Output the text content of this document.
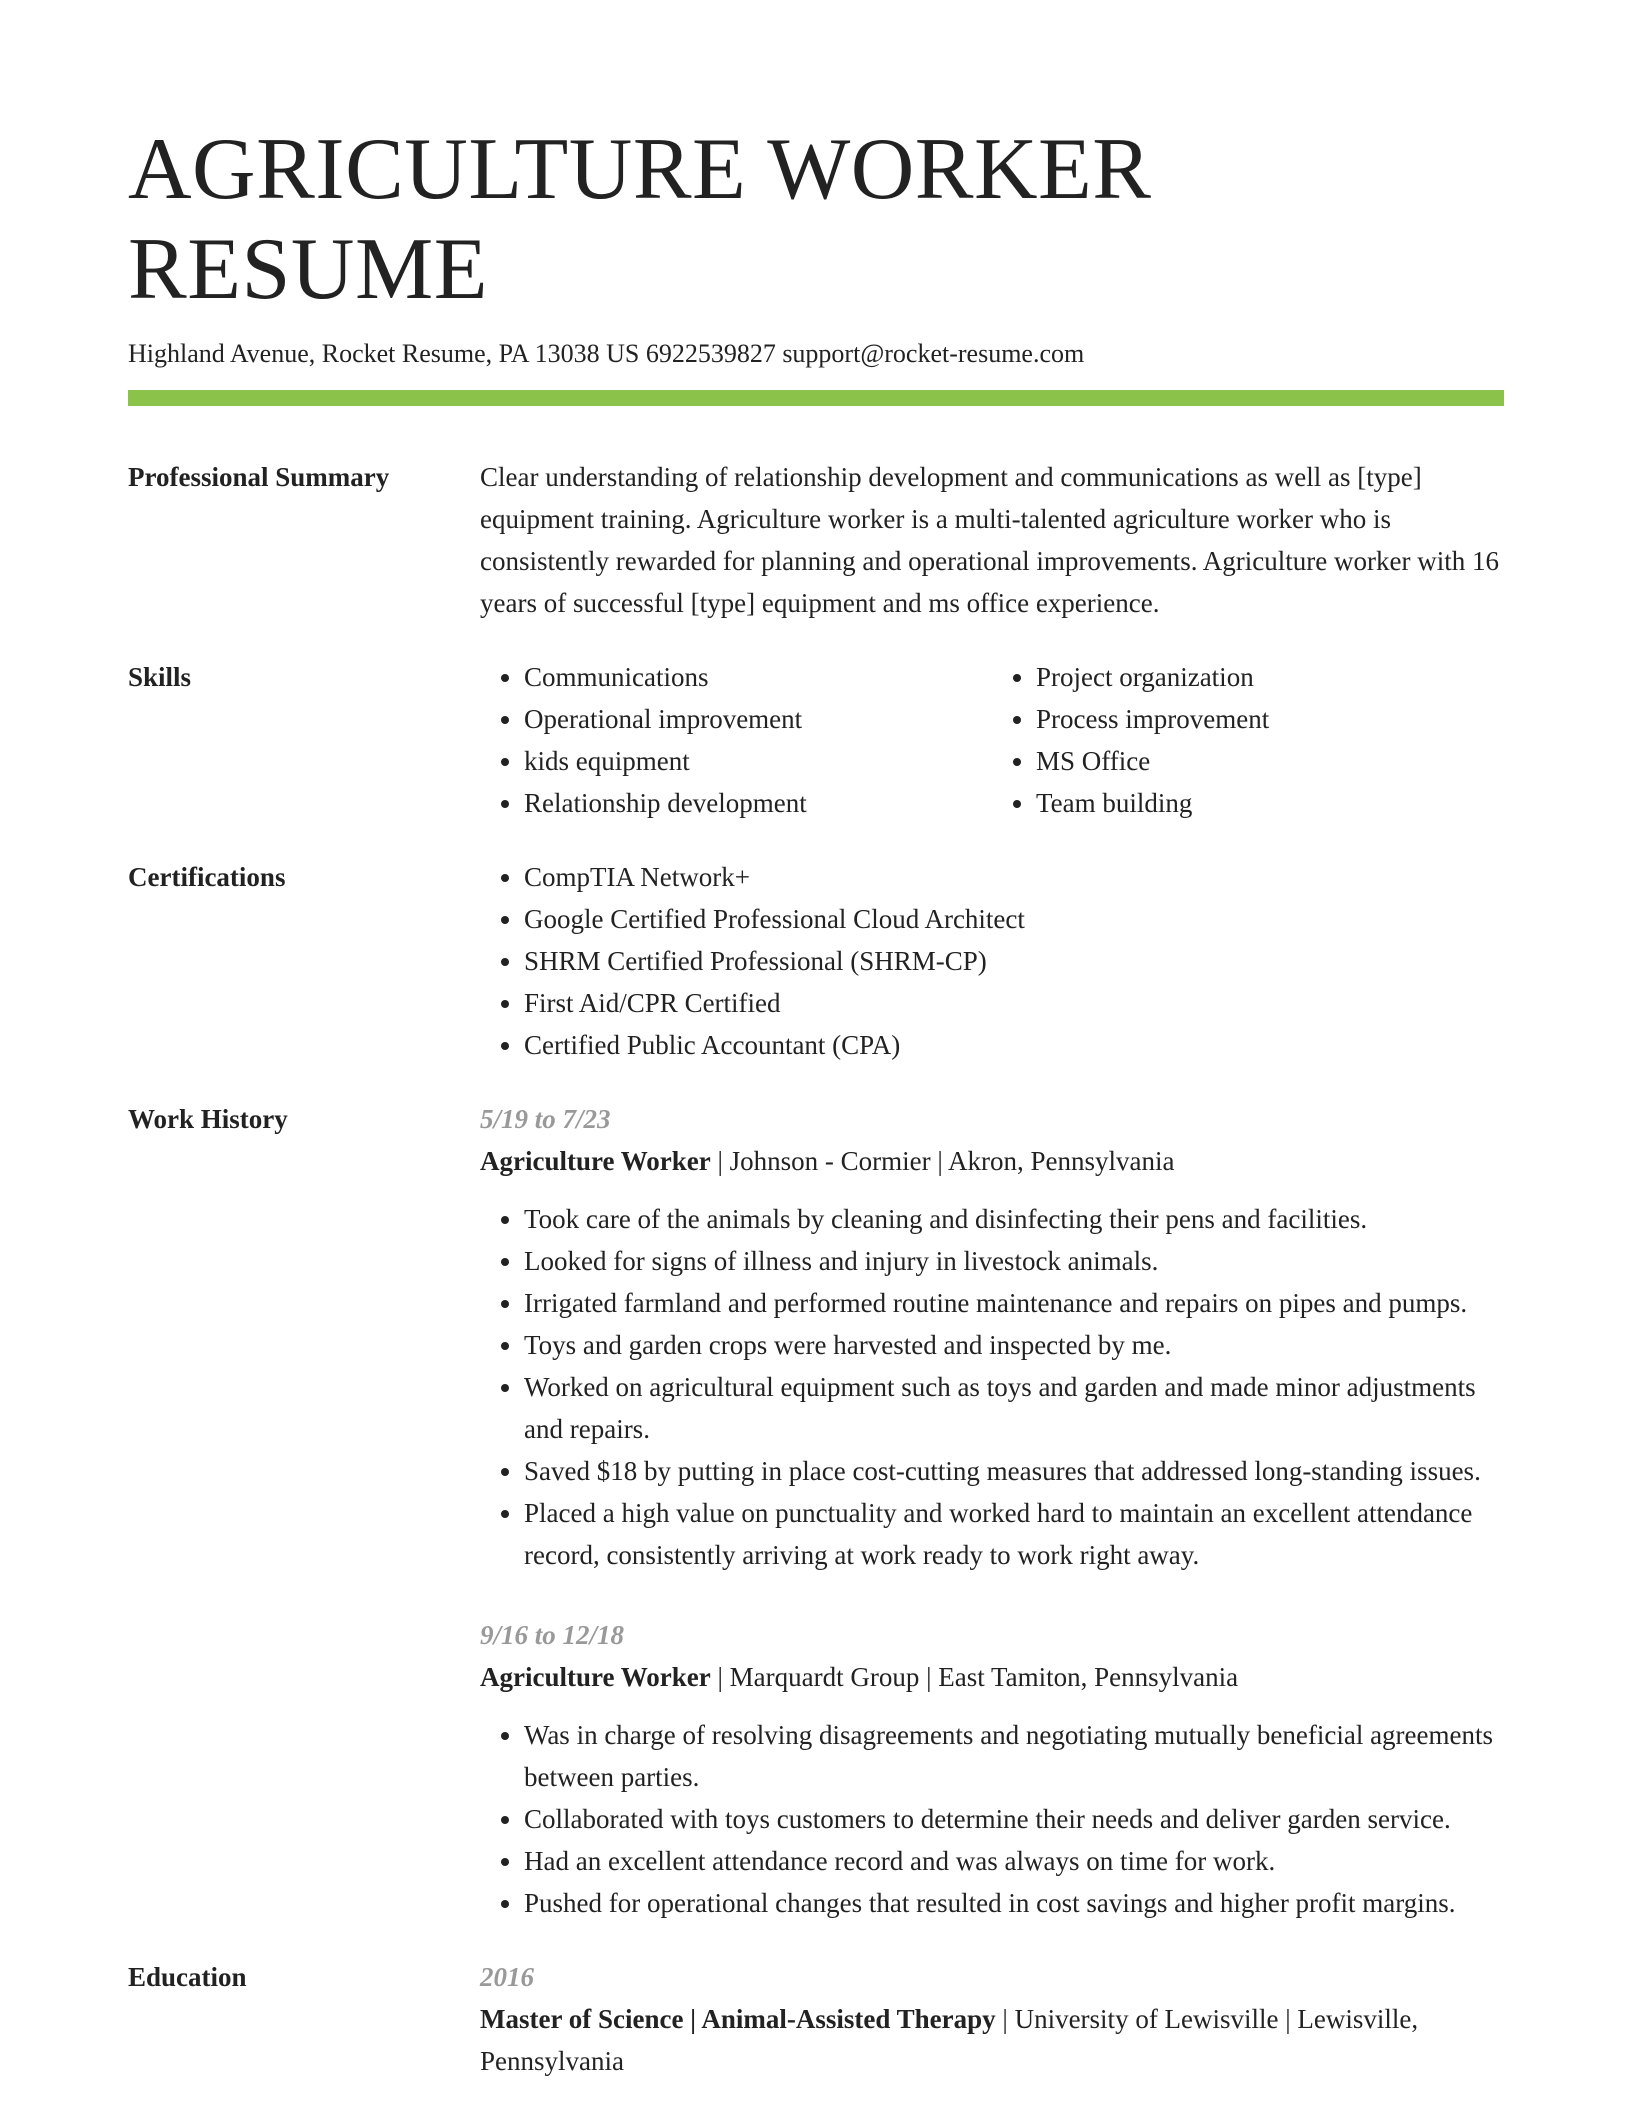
AGRICULTURE WORKER RESUME
Highland Avenue, Rocket Resume, PA 13038 US 6922539827 support@rocket-resume.com
Professional Summary	Clear understanding of relationship development and communications as well as [type] equipment training. Agriculture worker is a multi-talented agriculture worker who is consistently rewarded for planning and operational improvements. Agriculture worker with 16 years of successful [type] equipment and ms office experience.

Skills	• Communications
• Operational improvement
• kids equipment
• Relationship development
• Project organization
• Process improvement
• MS Office
• Team building
Certifications	• CompTIA Network+
• Google Certified Professional Cloud Architect
• SHRM Certified Professional (SHRM-CP)
• First Aid/CPR Certified
• Certified Public Accountant (CPA)
Work History	5/19 to 7/23
Agriculture Worker | Johnson - Cormier | Akron, Pennsylvania
• Took care of the animals by cleaning and disinfecting their pens and facilities.
• Looked for signs of illness and injury in livestock animals.
• Irrigated farmland and performed routine maintenance and repairs on pipes and pumps.
• Toys and garden crops were harvested and inspected by me.
• Worked on agricultural equipment such as toys and garden and made minor adjustments and repairs.
• Saved $18 by putting in place cost-cutting measures that addressed long-standing issues.
• Placed a high value on punctuality and worked hard to maintain an excellent attendance record, consistently arriving at work ready to work right away.
9/16 to 12/18
Agriculture Worker | Marquardt Group | East Tamiton, Pennsylvania
• Was in charge of resolving disagreements and negotiating mutually beneficial agreements between parties.
• Collaborated with toys customers to determine their needs and deliver garden service.
• Had an excellent attendance record and was always on time for work.
• Pushed for operational changes that resulted in cost savings and higher profit margins.
Education	2016
Master of Science | Animal-Assisted Therapy | University of Lewisville | Lewisville, Pennsylvania
